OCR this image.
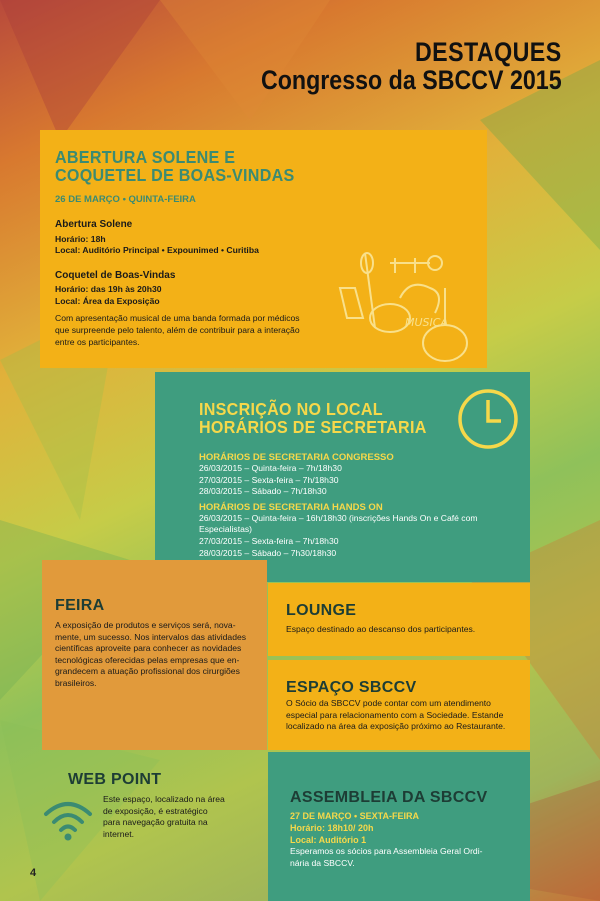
DESTAQUES
Congresso da SBCCV 2015
ABERTURA SOLENE E
COQUETEL DE BOAS-VINDAS
26 DE MARÇO • QUINTA-FEIRA
Abertura Solene
Horário: 18h
Local: Auditório Principal • Expounimed • Curitiba
Coquetel de Boas-Vindas
Horário: das 19h às 20h30
Local: Área da Exposição
Com apresentação musical de uma banda formada por médicos
que surpreende pelo talento, além de contribuir para a interação
entre os participantes.
MUSICA
INSCRIÇÃO NO LOCAL
HORÁRIOS DE SECRETARIA
HORÁRIOS DE SECRETARIA CONGRESSO
26/03/2015 – Quinta-feira – 7h/18h30
27/03/2015 – Sexta-feira – 7h/18h30
28/03/2015 – Sábado – 7h/18h30
HORÁRIOS DE SECRETARIA HANDS ON
26/03/2015 – Quinta-feira – 16h/18h30 (inscrições Hands On e Café com Especialistas)
27/03/2015 – Sexta-feira – 7h/18h30
28/03/2015 – Sábado – 7h30/18h30
FEIRA
A exposição de produtos e serviços será, nova-
mente, um sucesso. Nos intervalos das atividades
científicas aproveite para conhecer as novidades
tecnológicas oferecidas pelas empresas que en-
grandecem a atuação profissional dos cirurgiões
brasileiros.
LOUNGE
Espaço destinado ao descanso dos participantes.
ESPAÇO SBCCV
O Sócio da SBCCV pode contar com um atendimento
especial para relacionamento com a Sociedade. Estande
localizado na área da exposição próximo ao Restaurante.
WEB POINT
Este espaço, localizado na área
de exposição, é estratégico
para navegação gratuita na
internet.
ASSEMBLEIA DA SBCCV
27 DE MARÇO • SEXTA-FEIRA
Horário: 18h10/ 20h
Local: Auditório 1
Esperamos os sócios para Assembleia Geral Ordi-
nária da SBCCV.
4
